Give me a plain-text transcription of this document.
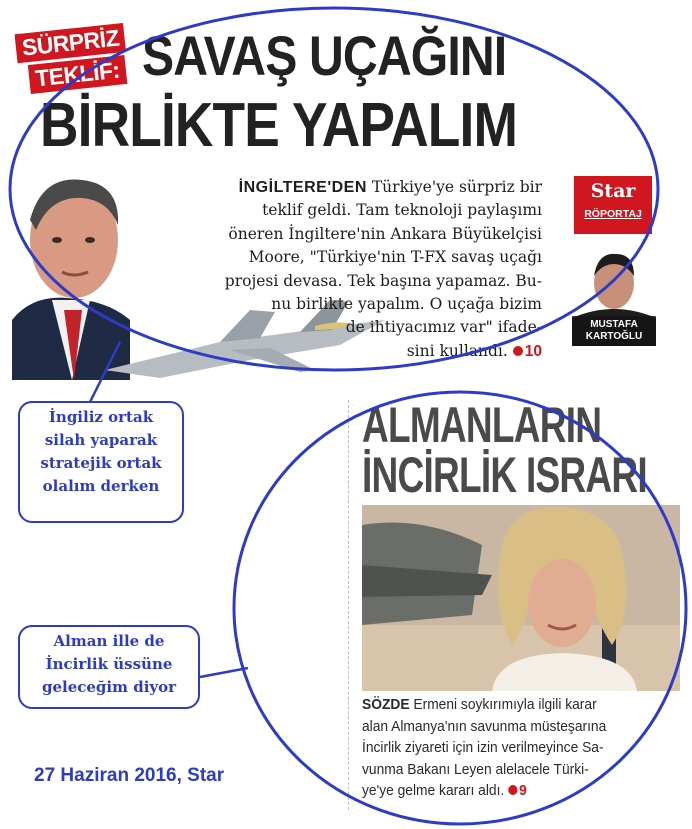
SÜRPRİZ
TEKLİF: SAVAŞ UÇAĞINI
BİRLİKTE YAPALIM
İNGİLTERE'DEN Türkiye'ye sürpriz bir
teklif geldi. Tam teknoloji paylaşımı
öneren İngiltere'nin Ankara Büyükelçisi
Moore, "Türkiye'nin T-FX savaş uçağı
projesi devasa. Tek başına yapamaz. Bu-
nu birlikte yapalım. O uçağa bizim
de ihtiyacımız var" ifade-
sini kullandı. 10
Star
RÖPORTAJ
MUSTAFA
KARTOĞLU
ALMANLARIN
İNCİRLİK ISRARI
SÖZDE Ermeni soykırımıyla ilgili karar
alan Almanya'nın savunma müsteşarına
İncirlik ziyareti için izin verilmeyince Sa-
vunma Bakanı Leyen alelacele Türki-
ye'ye gelme kararı aldı. 9
İngiliz ortak
silah yaparak
stratejik ortak
olalım derken
Alman ille de
İncirlik üssüne
geleceğim diyor
27 Haziran 2016, Star
